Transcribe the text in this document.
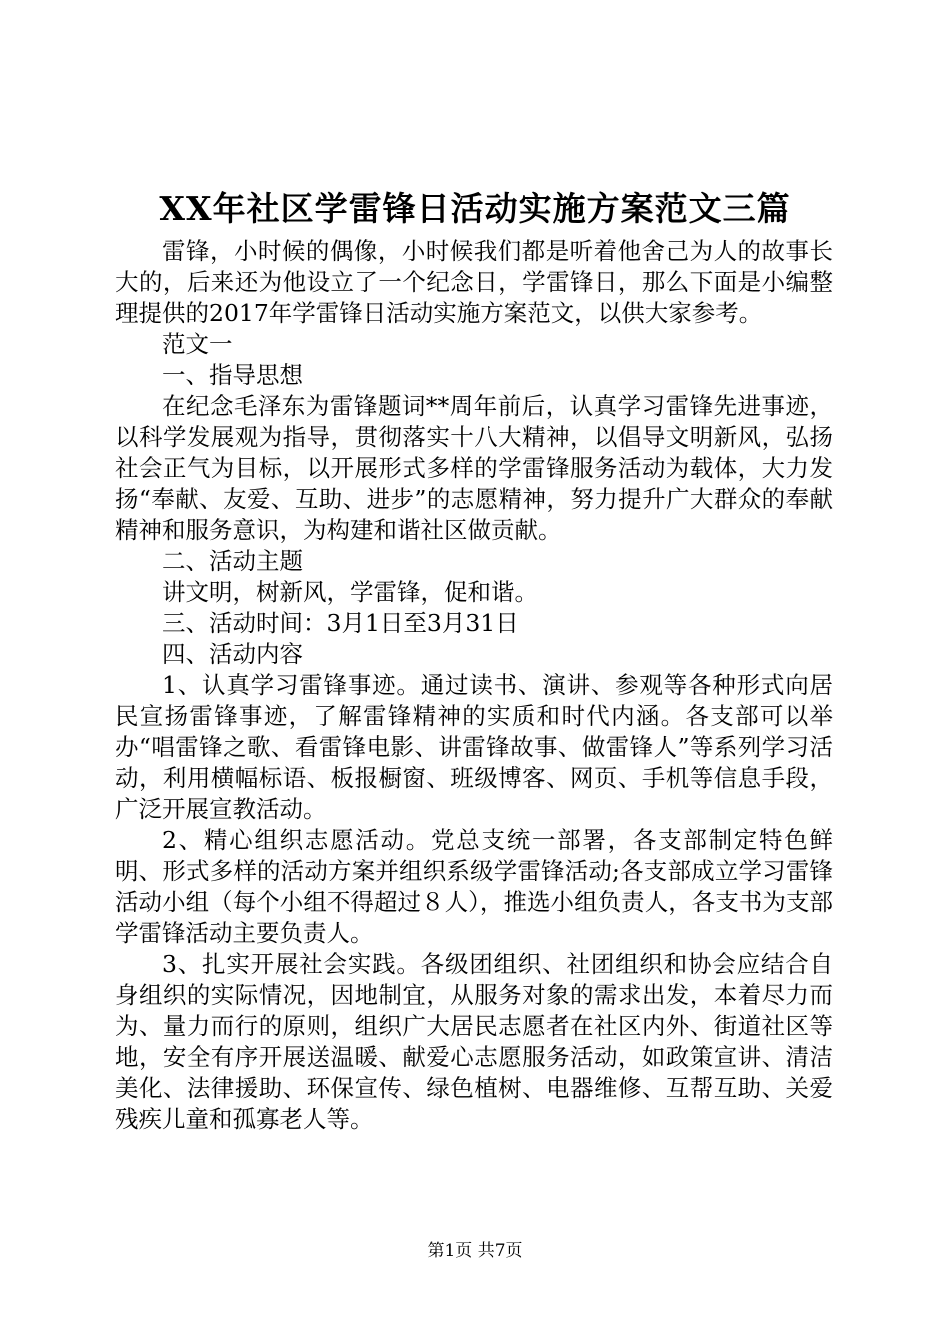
XX年社区学雷锋日活动实施方案范文三篇

雷锋，小时候的偶像，小时候我们都是听着他舍己为人的故事长大的，后来还为他设立了一个纪念日，学雷锋日，那么下面是小编整理提供的2017年学雷锋日活动实施方案范文，以供大家参考。

范文一

一、指导思想

在纪念毛泽东为雷锋题词**周年前后，认真学习雷锋先进事迹，以科学发展观为指导，贯彻落实十八大精神，以倡导文明新风，弘扬社会正气为目标，以开展形式多样的学雷锋服务活动为载体，大力发扬“奉献、友爱、互助、进步”的志愿精神，努力提升广大群众的奉献精神和服务意识，为构建和谐社区做贡献。

二、活动主题

讲文明，树新风，学雷锋，促和谐。

三、活动时间：3月1日至3月31日

四、活动内容

1、认真学习雷锋事迹。通过读书、演讲、参观等各种形式向居民宣扬雷锋事迹，了解雷锋精神的实质和时代内涵。各支部可以举办“唱雷锋之歌、看雷锋电影、讲雷锋故事、做雷锋人”等系列学习活动，利用横幅标语、板报橱窗、班级博客、网页、手机等信息手段，广泛开展宣教活动。

2、精心组织志愿活动。党总支统一部署，各支部制定特色鲜明、形式多样的活动方案并组织系级学雷锋活动;各支部成立学习雷锋活动小组（每个小组不得超过８人），推选小组负责人，各支书为支部学雷锋活动主要负责人。

3、扎实开展社会实践。各级团组织、社团组织和协会应结合自身组织的实际情况，因地制宜，从服务对象的需求出发，本着尽力而为、量力而行的原则，组织广大居民志愿者在社区内外、街道社区等地，安全有序开展送温暖、献爱心志愿服务活动，如政策宣讲、清洁美化、法律援助、环保宣传、绿色植树、电器维修、互帮互助、关爱残疾儿童和孤寡老人等。

第1页 共7页
